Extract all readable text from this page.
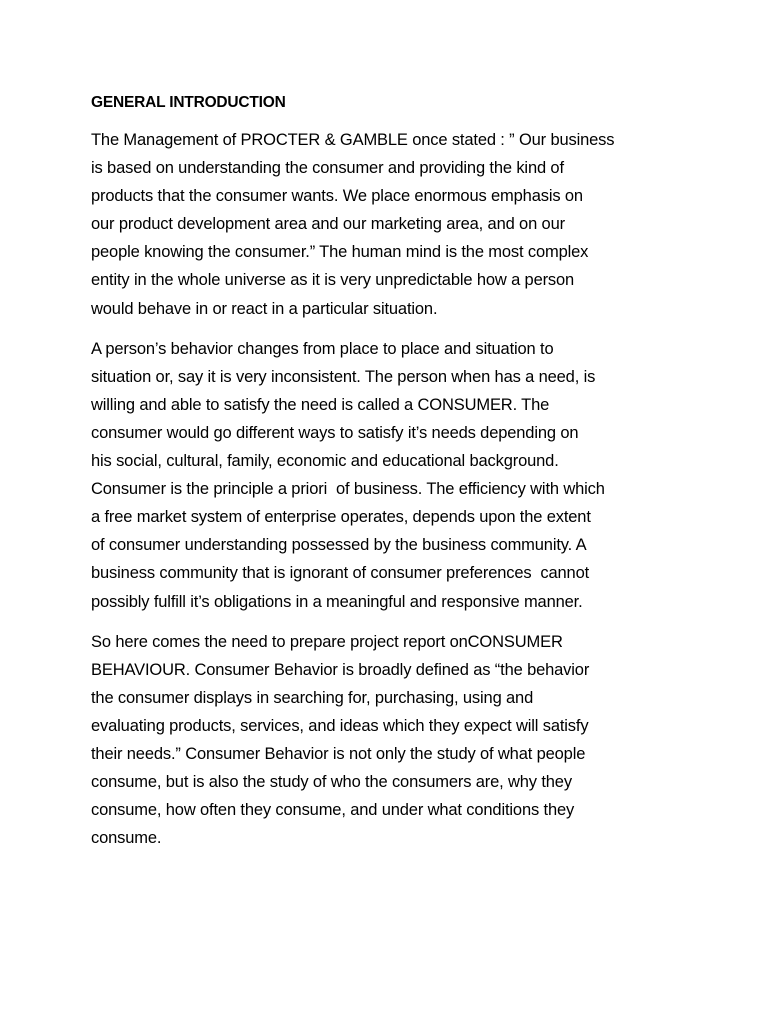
GENERAL INTRODUCTION
The Management of PROCTER & GAMBLE once stated : ” Our business
is based on understanding the consumer and providing the kind of
products that the consumer wants. We place enormous emphasis on
our product development area and our marketing area, and on our
people knowing the consumer.” The human mind is the most complex
entity in the whole universe as it is very unpredictable how a person
would behave in or react in a particular situation.
A person’s behavior changes from place to place and situation to
situation or, say it is very inconsistent. The person when has a need, is
willing and able to satisfy the need is called a CONSUMER. The
consumer would go different ways to satisfy it’s needs depending on
his social, cultural, family, economic and educational background.
Consumer is the principle a priori  of business. The efficiency with which
a free market system of enterprise operates, depends upon the extent
of consumer understanding possessed by the business community. A
business community that is ignorant of consumer preferences  cannot
possibly fulfill it’s obligations in a meaningful and responsive manner.
So here comes the need to prepare project report onCONSUMER
BEHAVIOUR. Consumer Behavior is broadly defined as “the behavior
the consumer displays in searching for, purchasing, using and
evaluating products, services, and ideas which they expect will satisfy
their needs.” Consumer Behavior is not only the study of what people
consume, but is also the study of who the consumers are, why they
consume, how often they consume, and under what conditions they
consume.
